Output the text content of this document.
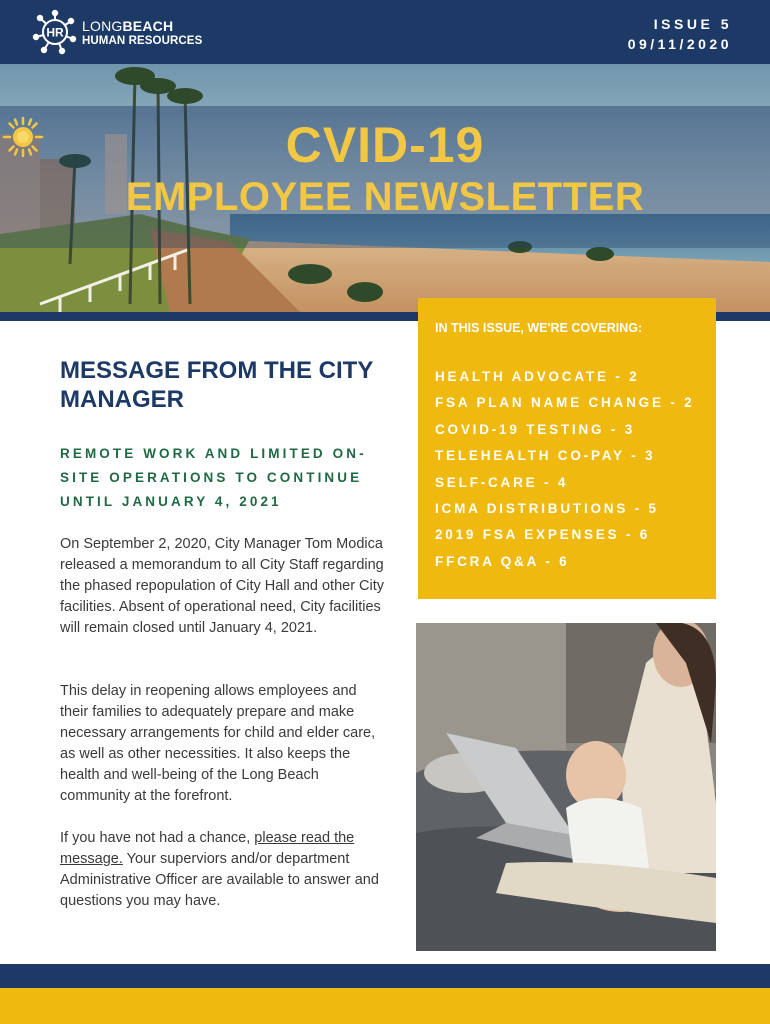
HR LONGBEACH
HUMAN RESOURCES
ISSUE 5
09/11/2020
C
VID-19
EMPLOYEE NEWSLETTER
IN THIS ISSUE, WE'RE COVERING:
HEALTH ADVOCATE - 2
FSA PLAN NAME CHANGE - 2
COVID-19 TESTING - 3
TELEHEALTH CO-PAY - 3
SELF-CARE - 4
ICMA DISTRIBUTIONS - 5
2019 FSA EXPENSES - 6
FFCRA Q&A - 6
MESSAGE FROM THE CITY MANAGER
REMOTE WORK AND LIMITED ON-SITE OPERATIONS TO CONTINUE UNTIL JANUARY 4, 2021

On September 2, 2020, City Manager Tom Modica released a memorandum to all City Staff regarding the phased repopulation of City Hall and other City facilities. Absent of operational need, City facilities will remain closed until January 4, 2021.

This delay in reopening allows employees and their families to adequately prepare and make necessary arrangements for child and elder care, as well as other necessities. It also keeps the health and well-being of the Long Beach community at the forefront.

If you have not had a chance, please read the message. Your superviors and/or department Administrative Officer are available to answer and questions you may have.
